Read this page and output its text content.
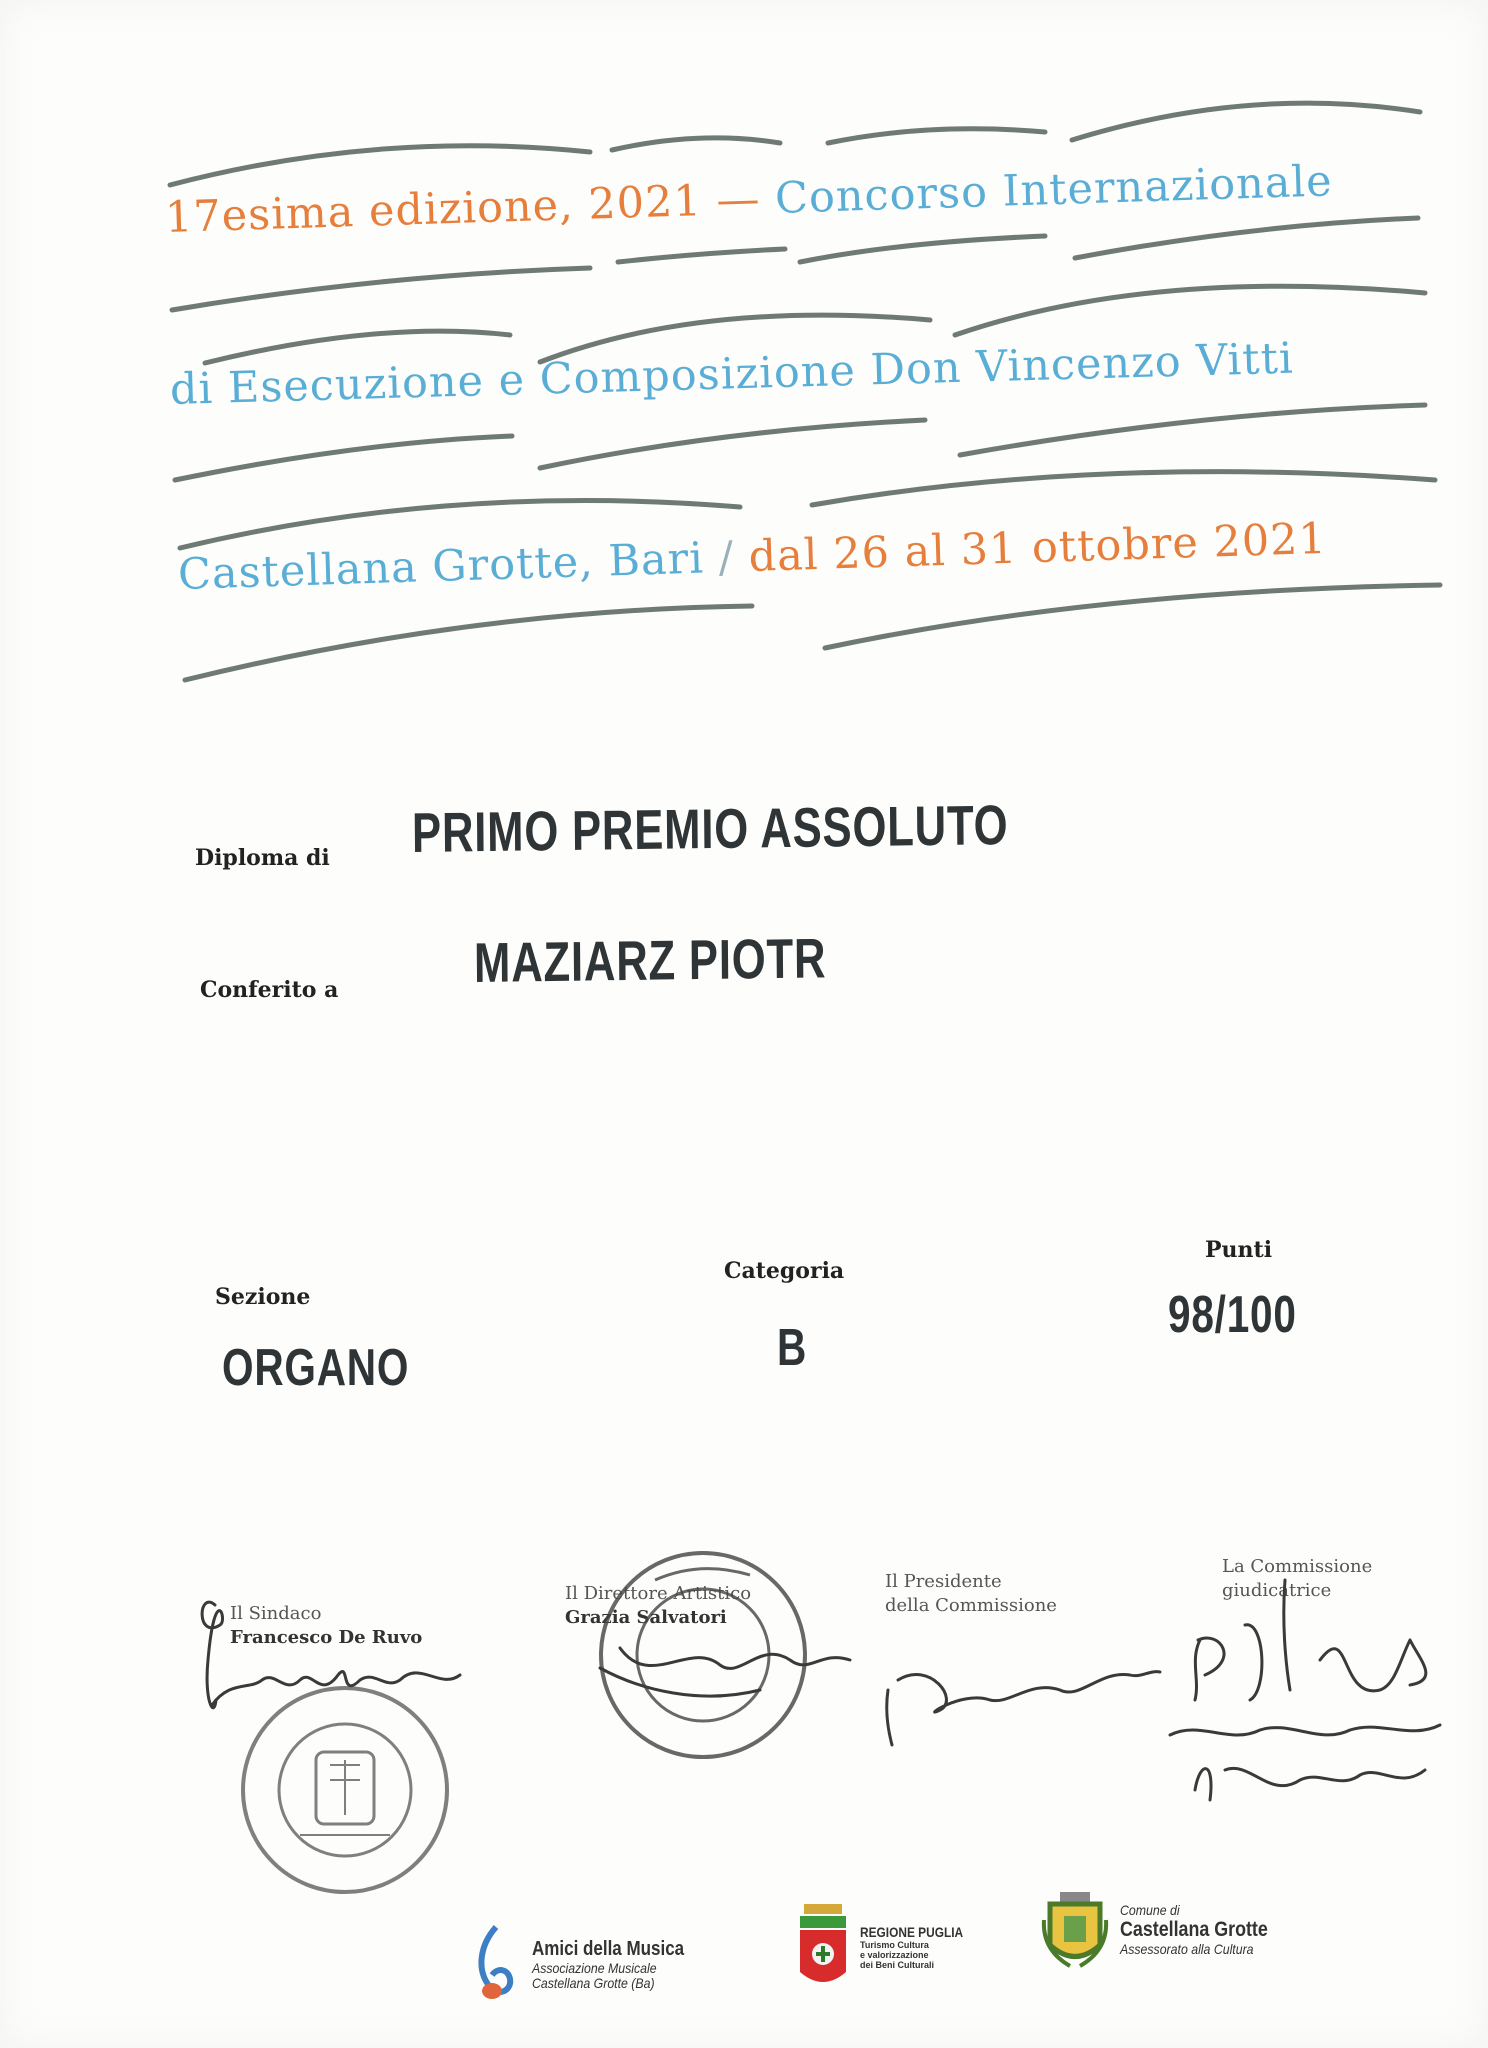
17esima edizione, 2021 — Concorso Internazionale
di Esecuzione e Composizione Don Vincenzo Vitti
Castellana Grotte, Bari / dal 26 al 31 ottobre 2021
Diploma di PRIMO PREMIO ASSOLUTO
Conferito a MAZIARZ PIOTR
Sezione
ORGANO
Categoria
B
Punti
98/100
Il Sindaco
Francesco De Ruvo
Il Direttore Artistico
Grazia Salvatori
Il Presidente
della Commissione
La Commissione
giudicatrice
Amici della Musica
Associazione Musicale
Castellana Grotte (Ba)
REGIONE PUGLIA
Turismo Cultura
e valorizzazione
dei Beni Culturali
Comune di
Castellana Grotte
Assessorato alla Cultura
